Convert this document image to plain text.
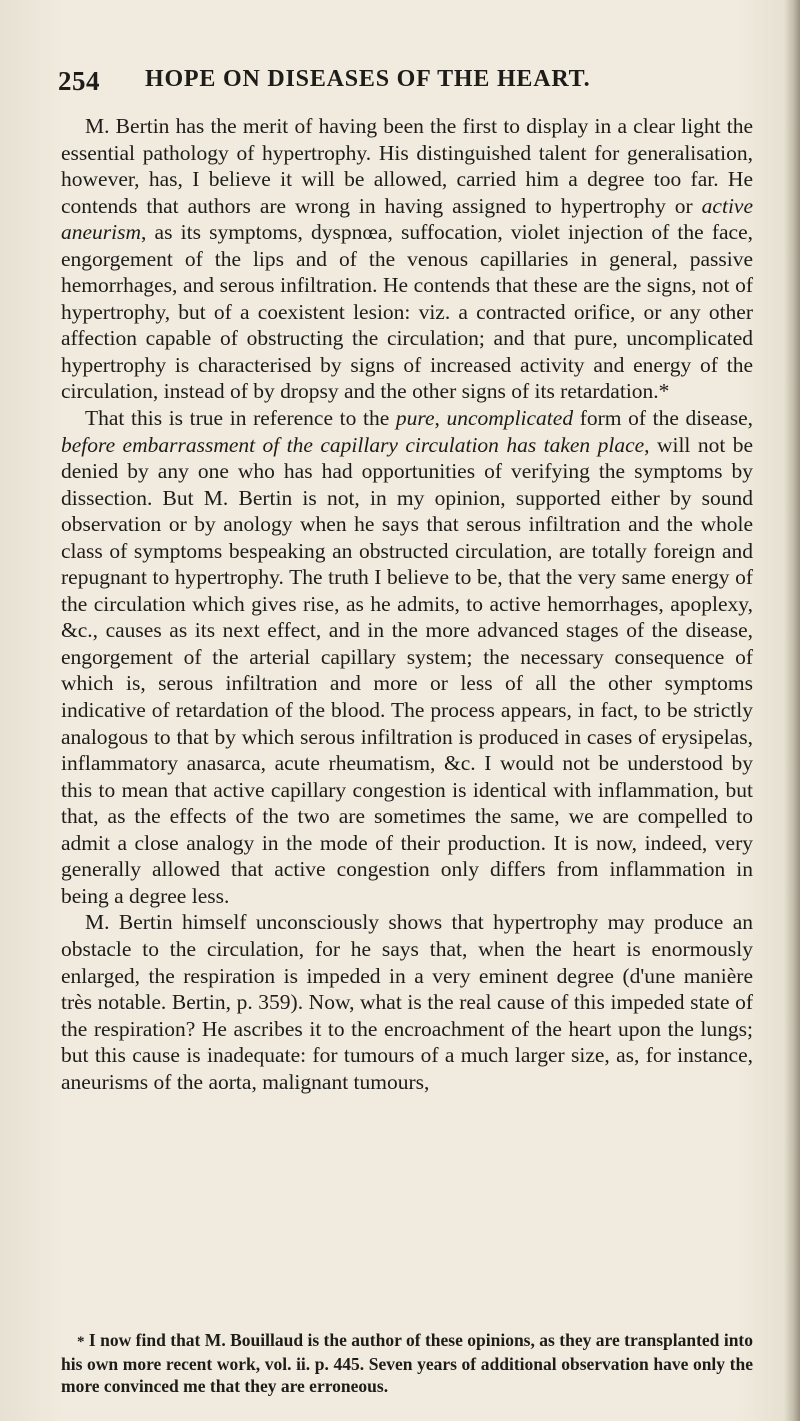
254 HOPE ON DISEASES OF THE HEART.

M. Bertin has the merit of having been the first to display in a clear light the essential pathology of hypertrophy. His distinguished talent for generalisation, however, has, I believe it will be allowed, carried him a degree too far. He contends that authors are wrong in having assigned to hypertrophy or active aneurism, as its symptoms, dyspnœa, suffocation, violet injection of the face, engorgement of the lips and of the venous capillaries in general, passive hemorrhages, and serous infiltration. He contends that these are the signs, not of hypertrophy, but of a coexistent lesion: viz. a contracted orifice, or any other affection capable of obstructing the circulation; and that pure, uncomplicated hypertrophy is characterised by signs of increased activity and energy of the circulation, instead of by dropsy and the other signs of its retardation.*

That this is true in reference to the pure, uncomplicated form of the disease, before embarrassment of the capillary circulation has taken place, will not be denied by any one who has had opportunities of verifying the symptoms by dissection. But M. Bertin is not, in my opinion, supported either by sound observation or by anology when he says that serous infiltration and the whole class of symptoms bespeaking an obstructed circulation, are totally foreign and repugnant to hypertrophy. The truth I believe to be, that the very same energy of the circulation which gives rise, as he admits, to active hemorrhages, apoplexy, &c., causes as its next effect, and in the more advanced stages of the disease, engorgement of the arterial capillary system; the necessary consequence of which is, serous infiltration and more or less of all the other symptoms indicative of retardation of the blood. The process appears, in fact, to be strictly analogous to that by which serous infiltration is produced in cases of erysipelas, inflammatory anasarca, acute rheumatism, &c. I would not be understood by this to mean that active capillary congestion is identical with inflammation, but that, as the effects of the two are sometimes the same, we are compelled to admit a close analogy in the mode of their production. It is now, indeed, very generally allowed that active congestion only differs from inflammation in being a degree less.

M. Bertin himself unconsciously shows that hypertrophy may produce an obstacle to the circulation, for he says that, when the heart is enormously enlarged, the respiration is impeded in a very eminent degree (d'une manière très notable. Bertin, p. 359). Now, what is the real cause of this impeded state of the respiration? He ascribes it to the encroachment of the heart upon the lungs; but this cause is inadequate: for tumours of a much larger size, as, for instance, aneurisms of the aorta, malignant tumours,

* I now find that M. Bouillaud is the author of these opinions, as they are transplanted into his own more recent work, vol. ii. p. 445. Seven years of additional observation have only the more convinced me that they are erroneous.
